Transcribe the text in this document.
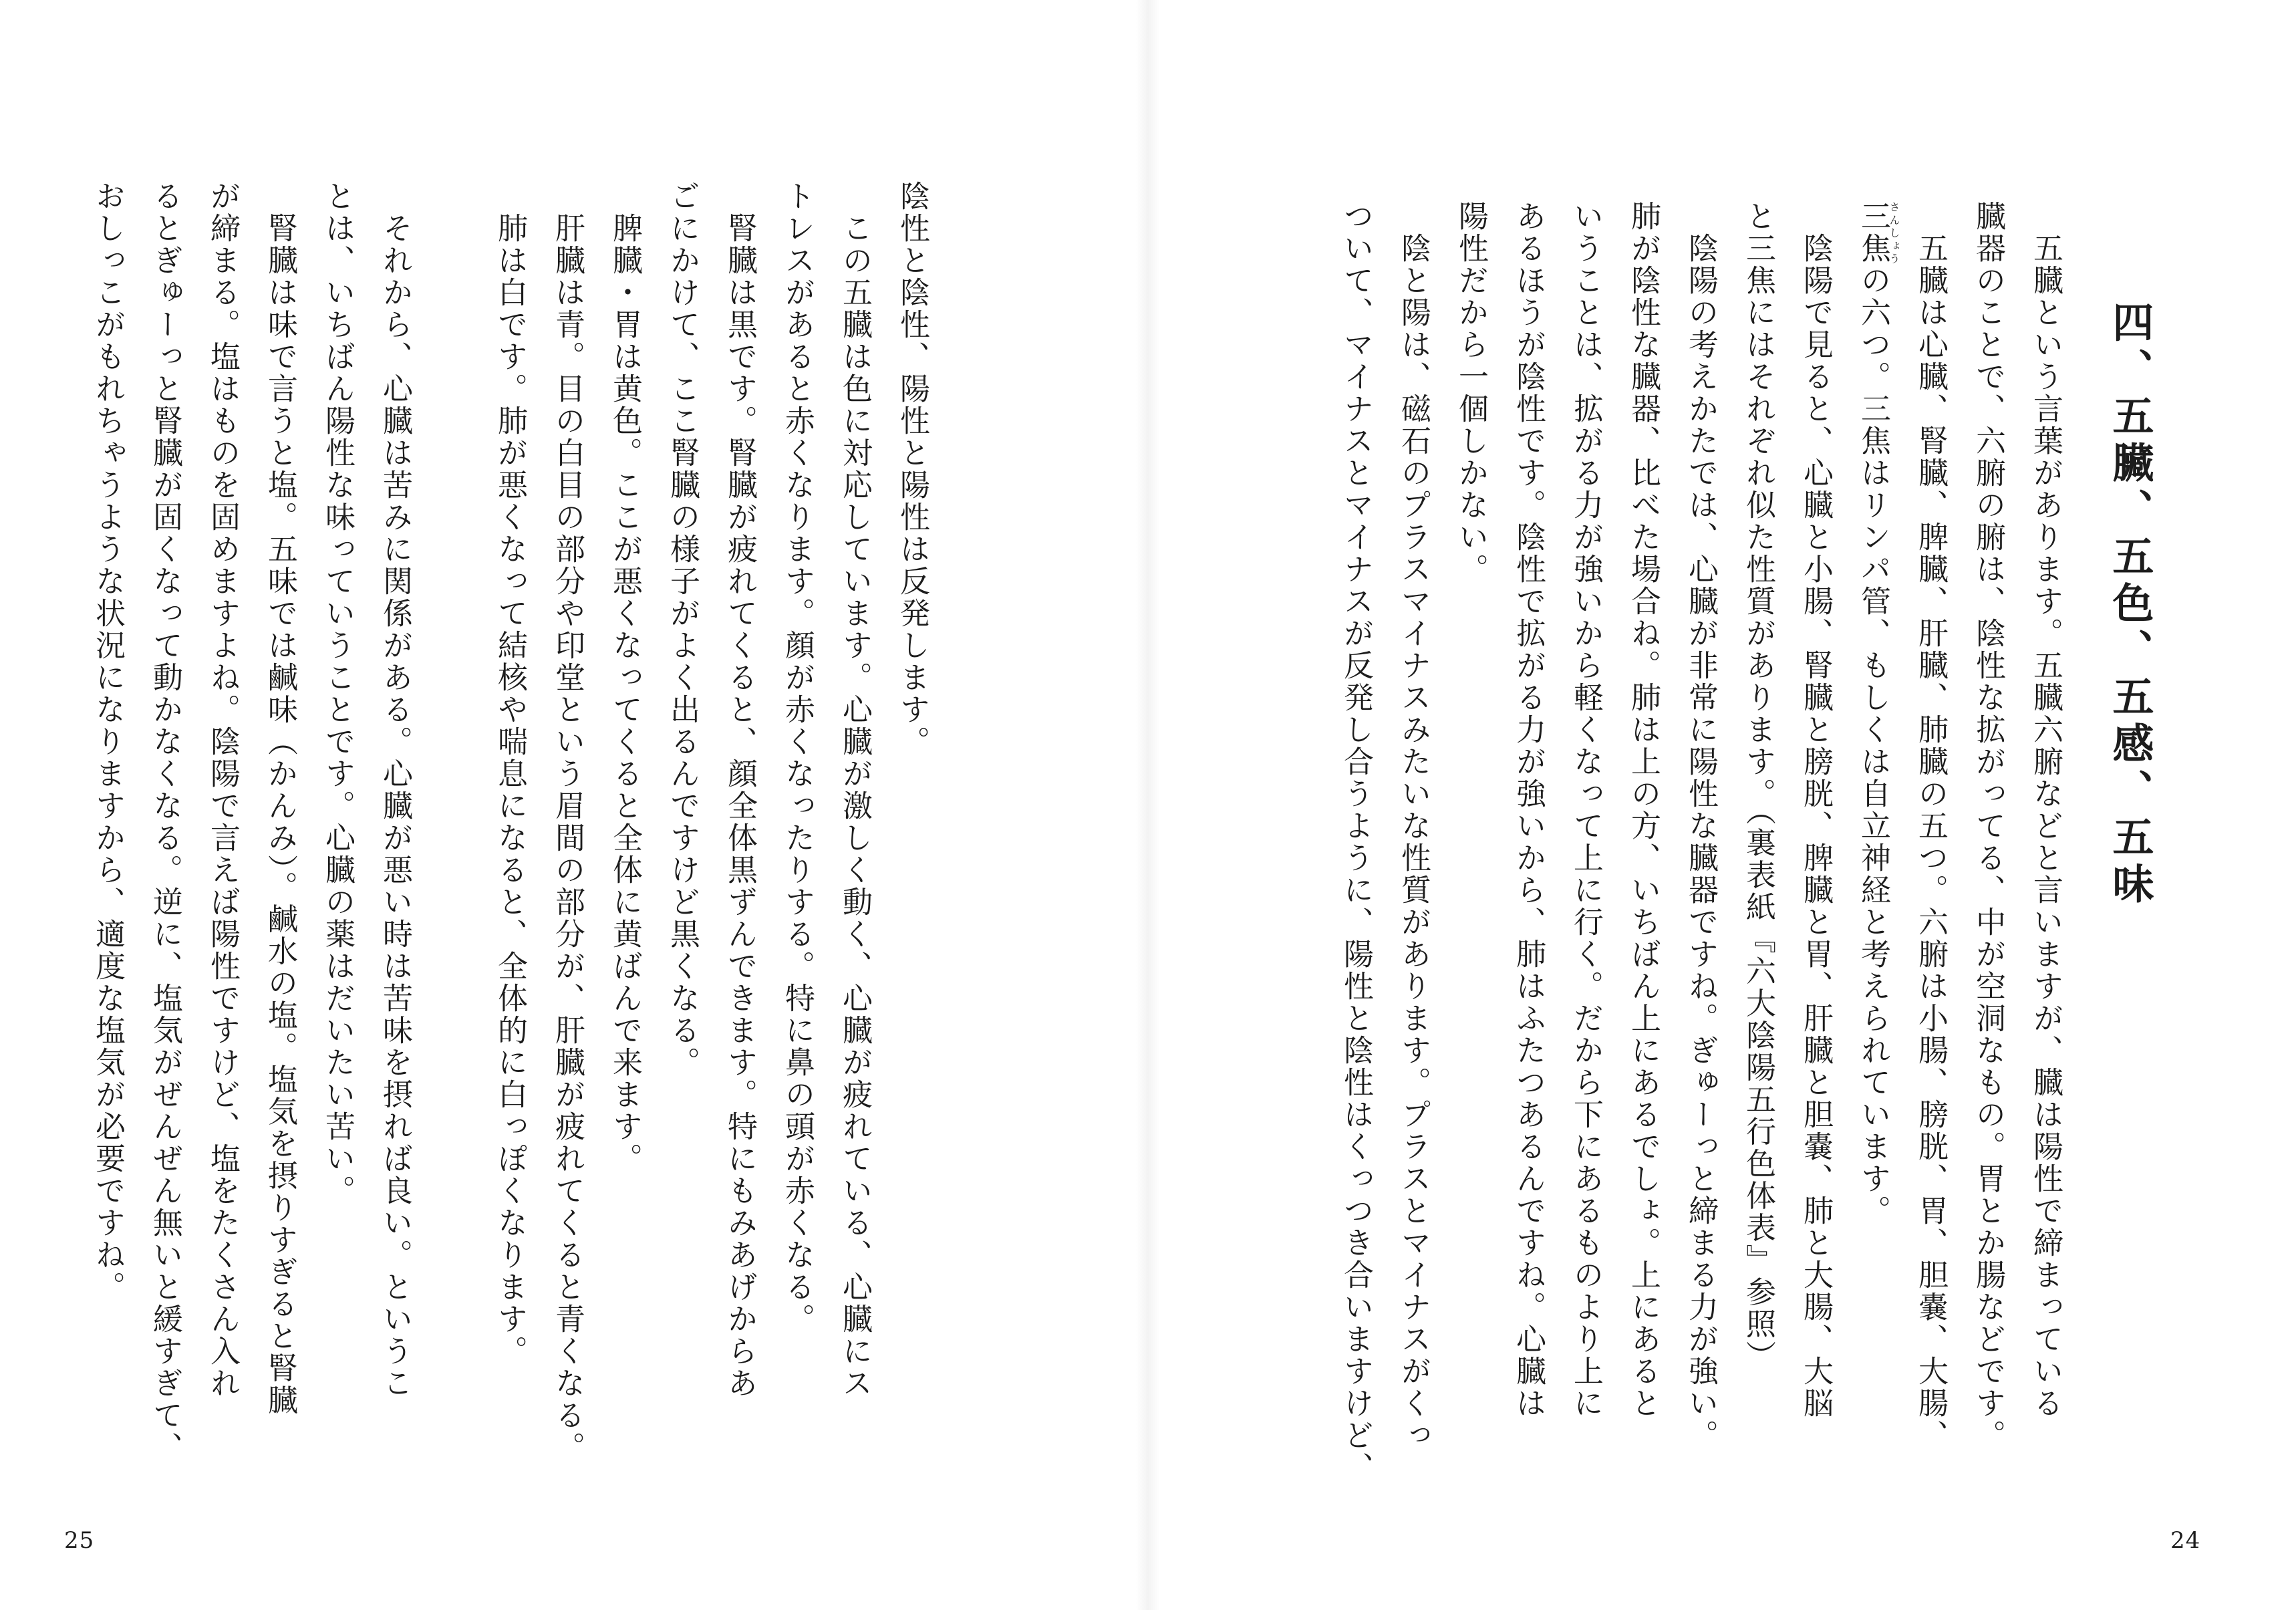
四、五臟、五色、五感、五味
　五臓という言葉があります。五臓六腑などと言いますが、臓は陽性で締まっている
臓器のことで、六腑の腑は、陰性な拡がってる、中が空洞なもの。胃とか腸などです。
　五臓は心臓、腎臓、脾臓、肝臓、肺臓の五つ。六腑は小腸、膀胱、胃、胆嚢、大腸、
三焦さんしょうの六つ。三焦はリンパ管、もしくは自立神経と考えられています。
　陰陽で見ると、心臓と小腸、腎臓と膀胱、脾臓と胃、肝臓と胆嚢、肺と大腸、大脳
と三焦にはそれぞれ似た性質があります。（裏表紙『六大陰陽五行色体表』参照）
　陰陽の考えかたでは、心臓が非常に陽性な臓器ですね。ぎゅーっと締まる力が強い。
肺が陰性な臓器、比べた場合ね。肺は上の方、いちばん上にあるでしょ。上にあると
いうことは、拡がる力が強いから軽くなって上に行く。だから下にあるものより上に
あるほうが陰性です。陰性で拡がる力が強いから、肺はふたつあるんですね。心臓は
陽性だから一個しかない。
　陰と陽は、磁石のプラスマイナスみたいな性質があります。プラスとマイナスがくっ
ついて、マイナスとマイナスが反発し合うように、陽性と陰性はくっつき合いますけど、
24
陰性と陰性、陽性と陽性は反発します。
　この五臓は色に対応しています。心臓が激しく動く、心臓が疲れている、心臓にス
トレスがあると赤くなります。顔が赤くなったりする。特に鼻の頭が赤くなる。
　腎臓は黒です。腎臓が疲れてくると、顔全体黒ずんできます。特にもみあげからあ
ごにかけて、ここ腎臓の様子がよく出るんですけど黒くなる。
　脾臓・胃は黄色。ここが悪くなってくると全体に黄ばんで来ます。
　肝臓は青。目の白目の部分や印堂という眉間の部分が、肝臓が疲れてくると青くなる。
　肺は白です。肺が悪くなって結核や喘息になると、全体的に白っぽくなります。
　それから、心臓は苦みに関係がある。心臓が悪い時は苦味を摂れば良い。というこ
とは、いちばん陽性な味っていうことです。心臓の薬はだいたい苦い。
　腎臓は味で言うと塩。五味では鹹味（かんみ）。鹹水の塩。塩気を摂りすぎると腎臓
が締まる。塩はものを固めますよね。陰陽で言えば陽性ですけど、塩をたくさん入れ
るとぎゅーっと腎臓が固くなって動かなくなる。逆に、塩気がぜんぜん無いと緩すぎて、
おしっこがもれちゃうような状況になりますから、適度な塩気が必要ですね。
25
